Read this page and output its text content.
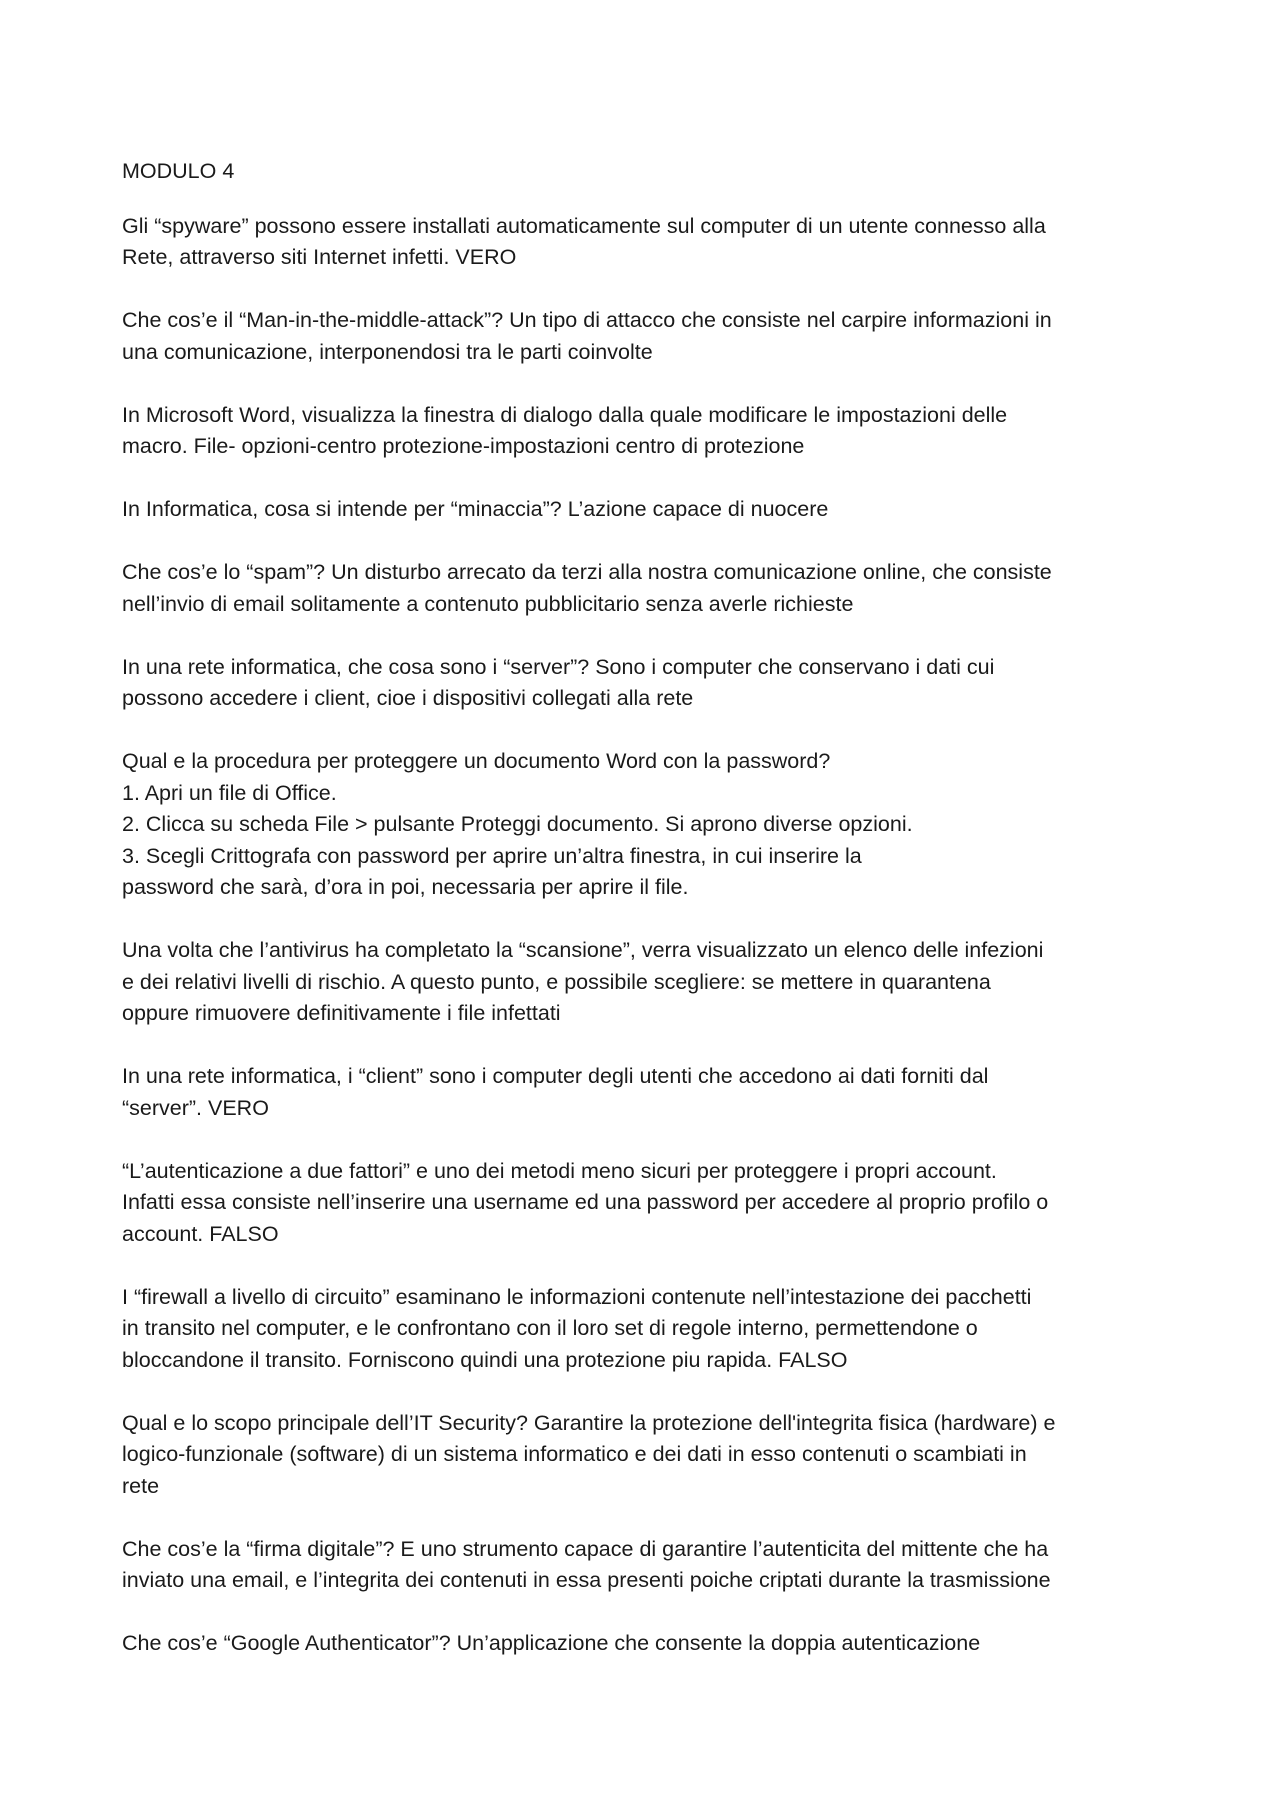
MODULO 4
Gli “spyware” possono essere installati automaticamente sul computer di un utente connesso alla
Rete, attraverso siti Internet infetti. VERO
Che cos’e il “Man-in-the-middle-attack”? Un tipo di attacco che consiste nel carpire informazioni in
una comunicazione, interponendosi tra le parti coinvolte
In Microsoft Word, visualizza la finestra di dialogo dalla quale modificare le impostazioni delle
macro. File- opzioni-centro protezione-impostazioni centro di protezione
In Informatica, cosa si intende per “minaccia”? L’azione capace di nuocere
Che cos’e lo “spam”? Un disturbo arrecato da terzi alla nostra comunicazione online, che consiste
nell’invio di email solitamente a contenuto pubblicitario senza averle richieste
In una rete informatica, che cosa sono i “server”? Sono i computer che conservano i dati cui
possono accedere i client, cioe i dispositivi collegati alla rete
Qual e la procedura per proteggere un documento Word con la password?
1. Apri un file di Office.
2. Clicca su scheda File > pulsante Proteggi documento. Si aprono diverse opzioni.
3. Scegli Crittografa con password per aprire un’altra finestra, in cui inserire la
password che sarà, d’ora in poi, necessaria per aprire il file.
Una volta che l’antivirus ha completato la “scansione”, verra visualizzato un elenco delle infezioni
e dei relativi livelli di rischio. A questo punto, e possibile scegliere: se mettere in quarantena
oppure rimuovere definitivamente i file infettati
In una rete informatica, i “client” sono i computer degli utenti che accedono ai dati forniti dal
“server”. VERO
“L’autenticazione a due fattori” e uno dei metodi meno sicuri per proteggere i propri account.
Infatti essa consiste nell’inserire una username ed una password per accedere al proprio profilo o
account. FALSO
I “firewall a livello di circuito” esaminano le informazioni contenute nell’intestazione dei pacchetti
in transito nel computer, e le confrontano con il loro set di regole interno, permettendone o
bloccandone il transito. Forniscono quindi una protezione piu rapida. FALSO
Qual e lo scopo principale dell’IT Security? Garantire la protezione dell'integrita fisica (hardware) e
logico-funzionale (software) di un sistema informatico e dei dati in esso contenuti o scambiati in
rete
Che cos’e la “firma digitale”? E uno strumento capace di garantire l’autenticita del mittente che ha
inviato una email, e l’integrita dei contenuti in essa presenti poiche criptati durante la trasmissione
Che cos’e “Google Authenticator”? Un’applicazione che consente la doppia autenticazione
